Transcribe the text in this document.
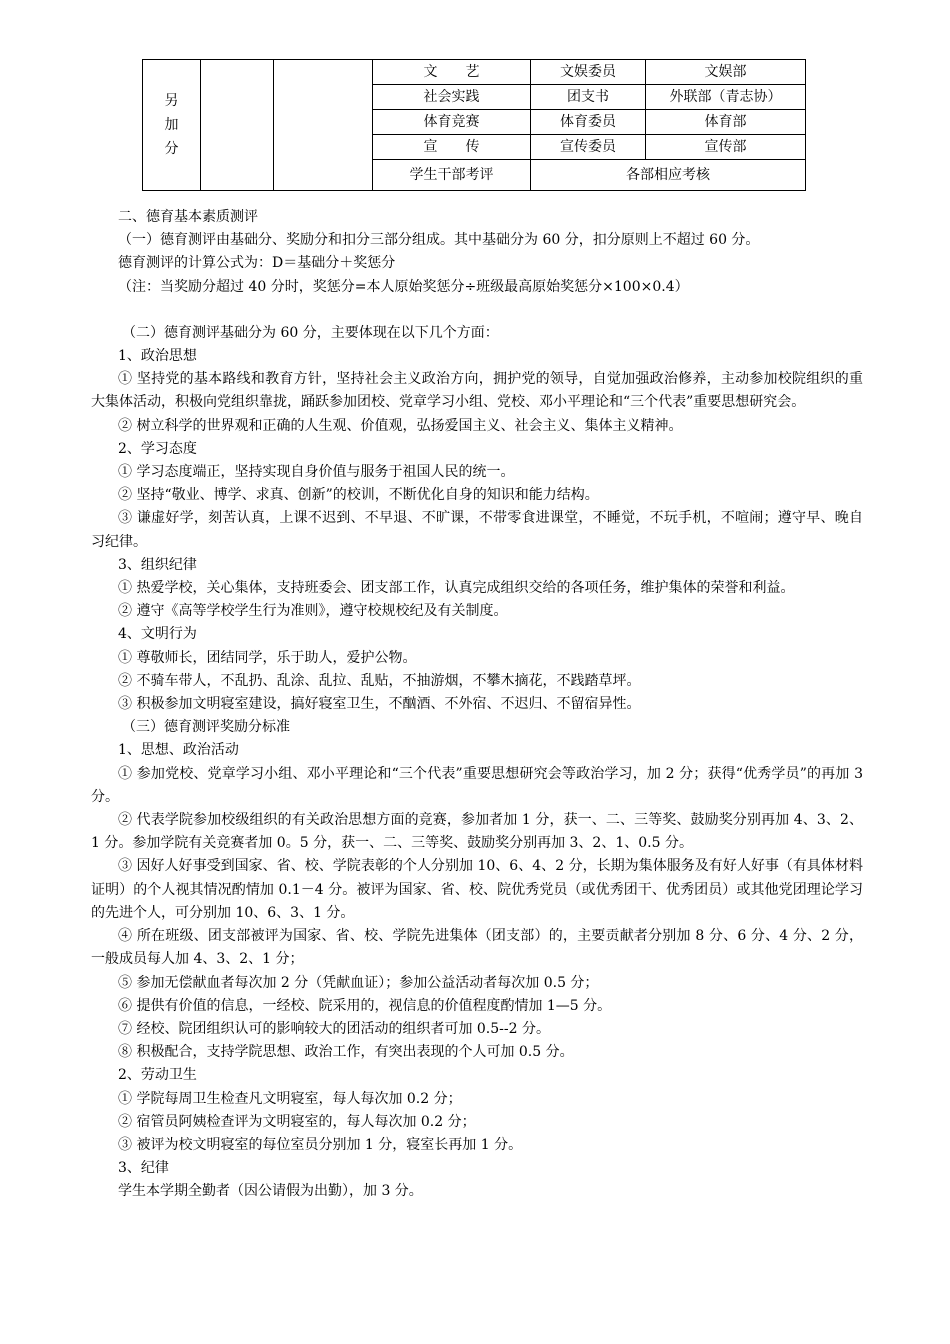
另
加
分			文　　艺	文娱委员	文娱部
			社会实践	团支书	外联部（青志协）
			体育竞赛	体育委员	体育部
			宣　　传	宣传委员	宣传部
			学生干部考评	各部相应考核	
二、德育基本素质测评
（一）德育测评由基础分、奖励分和扣分三部分组成。其中基础分为 60 分，扣分原则上不超过 60 分。
德育测评的计算公式为：D＝基础分＋奖惩分
（注：当奖励分超过 40 分时，奖惩分=本人原始奖惩分÷班级最高原始奖惩分×100×0.4）
（二）德育测评基础分为 60 分，主要体现在以下几个方面：
1、政治思想
① 坚持党的基本路线和教育方针，坚持社会主义政治方向，拥护党的领导，自觉加强政治修养，主动参加校院组织的重大集体活动，积极向党组织靠拢，踊跃参加团校、党章学习小组、党校、邓小平理论和“三个代表”重要思想研究会。
② 树立科学的世界观和正确的人生观、价值观，弘扬爱国主义、社会主义、集体主义精神。
2、学习态度
① 学习态度端正，坚持实现自身价值与服务于祖国人民的统一。
② 坚持“敬业、博学、求真、创新”的校训，不断优化自身的知识和能力结构。
③ 谦虚好学，刻苦认真，上课不迟到、不早退、不旷课，不带零食进课堂，不睡觉，不玩手机，不喧闹；遵守早、晚自习纪律。
3、组织纪律
① 热爱学校，关心集体，支持班委会、团支部工作，认真完成组织交给的各项任务，维护集体的荣誉和利益。
② 遵守《高等学校学生行为准则》，遵守校规校纪及有关制度。
4、文明行为
① 尊敬师长，团结同学，乐于助人，爱护公物。
② 不骑车带人，不乱扔、乱涂、乱拉、乱贴，不抽游烟，不攀木摘花，不践踏草坪。
③ 积极参加文明寝室建设，搞好寝室卫生，不酗酒、不外宿、不迟归、不留宿异性。
（三）德育测评奖励分标准
1、思想、政治活动
① 参加党校、党章学习小组、邓小平理论和“三个代表”重要思想研究会等政治学习，加 2 分；获得“优秀学员”的再加 3 分。
② 代表学院参加校级组织的有关政治思想方面的竞赛，参加者加 1 分，获一、二、三等奖、鼓励奖分别再加 4、3、2、1 分。参加学院有关竞赛者加 0。5 分，获一、二、三等奖、鼓励奖分别再加 3、2、1、0.5 分。
③ 因好人好事受到国家、省、校、学院表彰的个人分别加 10、6、4、2 分，长期为集体服务及有好人好事（有具体材料证明）的个人视其情况酌情加 0.1－4 分。被评为国家、省、校、院优秀党员（或优秀团干、优秀团员）或其他党团理论学习的先进个人，可分别加 10、6、3、1 分。
④ 所在班级、团支部被评为国家、省、校、学院先进集体（团支部）的，主要贡献者分别加 8 分、6 分、4 分、2 分，一般成员每人加 4、3、2、1 分；
⑤ 参加无偿献血者每次加 2 分（凭献血证）；参加公益活动者每次加 0.5 分；
⑥ 提供有价值的信息，一经校、院采用的，视信息的价值程度酌情加 1—5 分。
⑦ 经校、院团组织认可的影响较大的团活动的组织者可加 0.5--2 分。
⑧ 积极配合，支持学院思想、政治工作，有突出表现的个人可加 0.5 分。
2、劳动卫生
① 学院每周卫生检查凡文明寝室，每人每次加 0.2 分；
② 宿管员阿姨检查评为文明寝室的，每人每次加 0.2 分；
③ 被评为校文明寝室的每位室员分别加 1 分，寝室长再加 1 分。
3、纪律
学生本学期全勤者（因公请假为出勤），加 3 分。
